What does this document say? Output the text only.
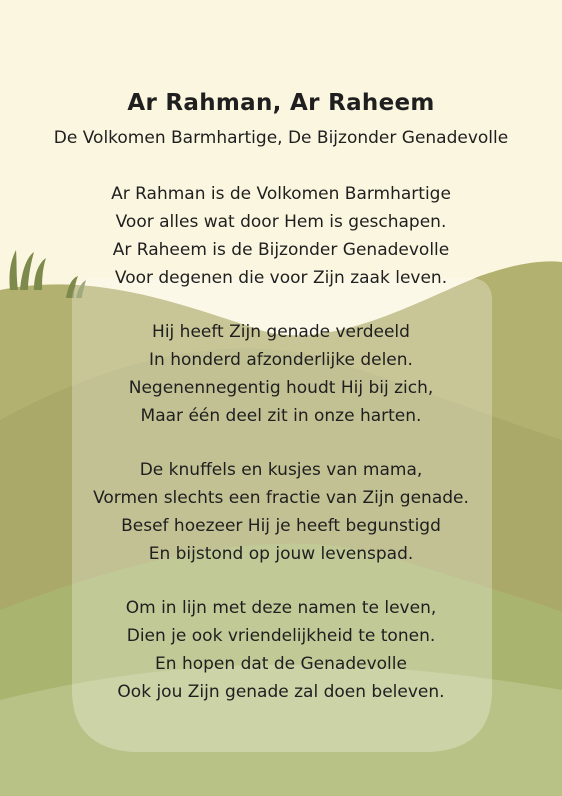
Ar Rahman, Ar Raheem
De Volkomen Barmhartige, De Bijzonder Genadevolle
Ar Rahman is de Volkomen Barmhartige
Voor alles wat door Hem is geschapen.
Ar Raheem is de Bijzonder Genadevolle
Voor degenen die voor Zijn zaak leven.
Hij heeft Zijn genade verdeeld
In honderd afzonderlijke delen.
Negenennegentig houdt Hij bij zich,
Maar één deel zit in onze harten.
De knuffels en kusjes van mama,
Vormen slechts een fractie van Zijn genade.
Besef hoezeer Hij je heeft begunstigd
En bijstond op jouw levenspad.
Om in lijn met deze namen te leven,
Dien je ook vriendelijkheid te tonen.
En hopen dat de Genadevolle
Ook jou Zijn genade zal doen beleven.
